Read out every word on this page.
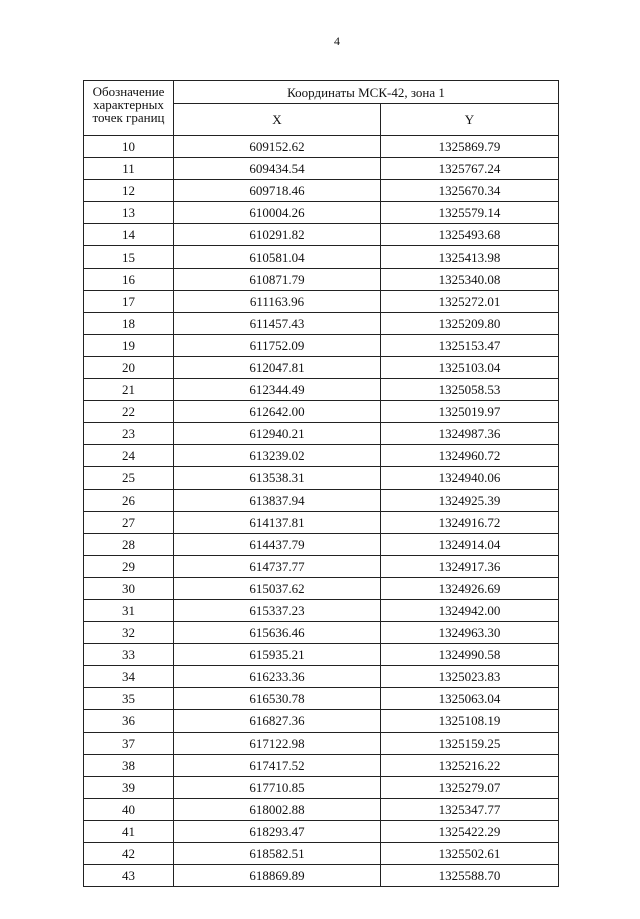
4
Обозначение
характерных
точек границ	Координаты МСК-42, зона 1	
	X	Y
10	609152.62	1325869.79
11	609434.54	1325767.24
12	609718.46	1325670.34
13	610004.26	1325579.14
14	610291.82	1325493.68
15	610581.04	1325413.98
16	610871.79	1325340.08
17	611163.96	1325272.01
18	611457.43	1325209.80
19	611752.09	1325153.47
20	612047.81	1325103.04
21	612344.49	1325058.53
22	612642.00	1325019.97
23	612940.21	1324987.36
24	613239.02	1324960.72
25	613538.31	1324940.06
26	613837.94	1324925.39
27	614137.81	1324916.72
28	614437.79	1324914.04
29	614737.77	1324917.36
30	615037.62	1324926.69
31	615337.23	1324942.00
32	615636.46	1324963.30
33	615935.21	1324990.58
34	616233.36	1325023.83
35	616530.78	1325063.04
36	616827.36	1325108.19
37	617122.98	1325159.25
38	617417.52	1325216.22
39	617710.85	1325279.07
40	618002.88	1325347.77
41	618293.47	1325422.29
42	618582.51	1325502.61
43	618869.89	1325588.70
